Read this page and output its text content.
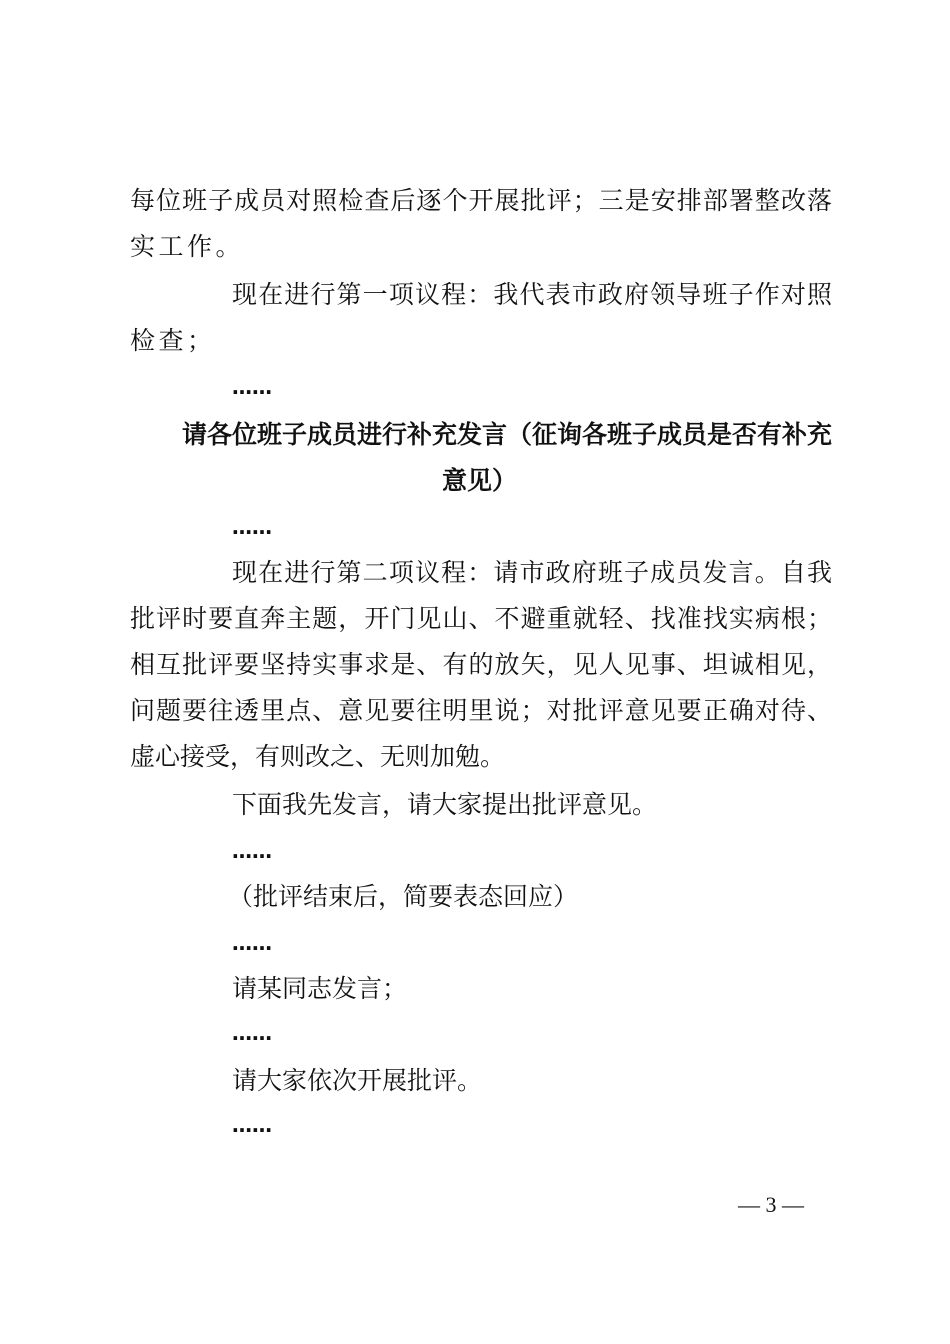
每位班子成员对照检查后逐个开展批评；三是安排部署整改落
实工作。
现在进行第一项议程：我代表市政府领导班子作对照
检查；
……
请各位班子成员进行补充发言（征询各班子成员是否有补充
意见）
……
现在进行第二项议程：请市政府班子成员发言。自我
批评时要直奔主题，开门见山、不避重就轻、找准找实病根；
相互批评要坚持实事求是、有的放矢，见人见事、坦诚相见，
问题要往透里点、意见要往明里说；对批评意见要正确对待、
虚心接受，有则改之、无则加勉。
下面我先发言，请大家提出批评意见。
……
（批评结束后，简要表态回应）
……
请某同志发言；
……
请大家依次开展批评。
……
— 3 —
